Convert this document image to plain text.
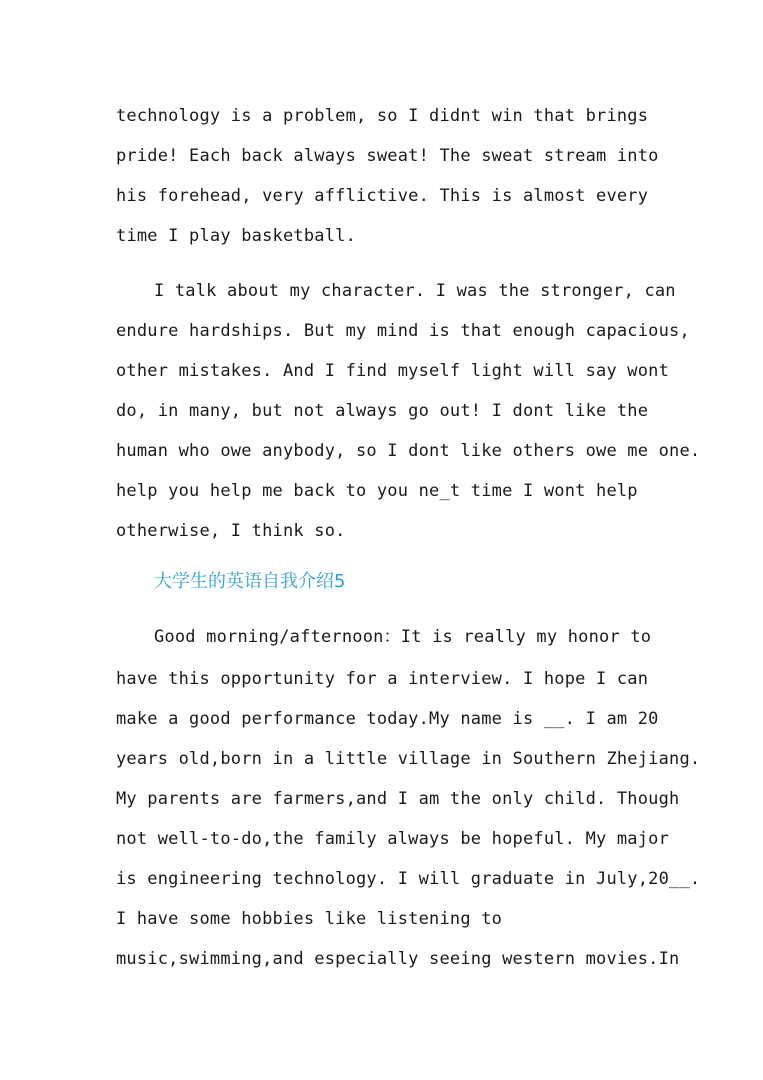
technology is a problem, so I didnt win that brings
pride! Each back always sweat! The sweat stream into
his forehead, very afflictive. This is almost every
time I play basketball.
I talk about my character. I was the stronger, can
endure hardships. But my mind is that enough capacious,
other mistakes. And I find myself light will say wont
do, in many, but not always go out! I dont like the
human who owe anybody, so I dont like others owe me one.
help you help me back to you ne_t time I wont help
otherwise, I think so.
大学生的英语自我介绍5
Good morning/afternoon：It is really my honor to
have this opportunity for a interview. I hope I can
make a good performance today.My name is __. I am 20
years old,born in a little village in Southern Zhejiang.
My parents are farmers,and I am the only child. Though
not well-to-do,the family always be hopeful. My major
is engineering technology. I will graduate in July,20__.
I have some hobbies like listening to
music,swimming,and especially seeing western movies.In
